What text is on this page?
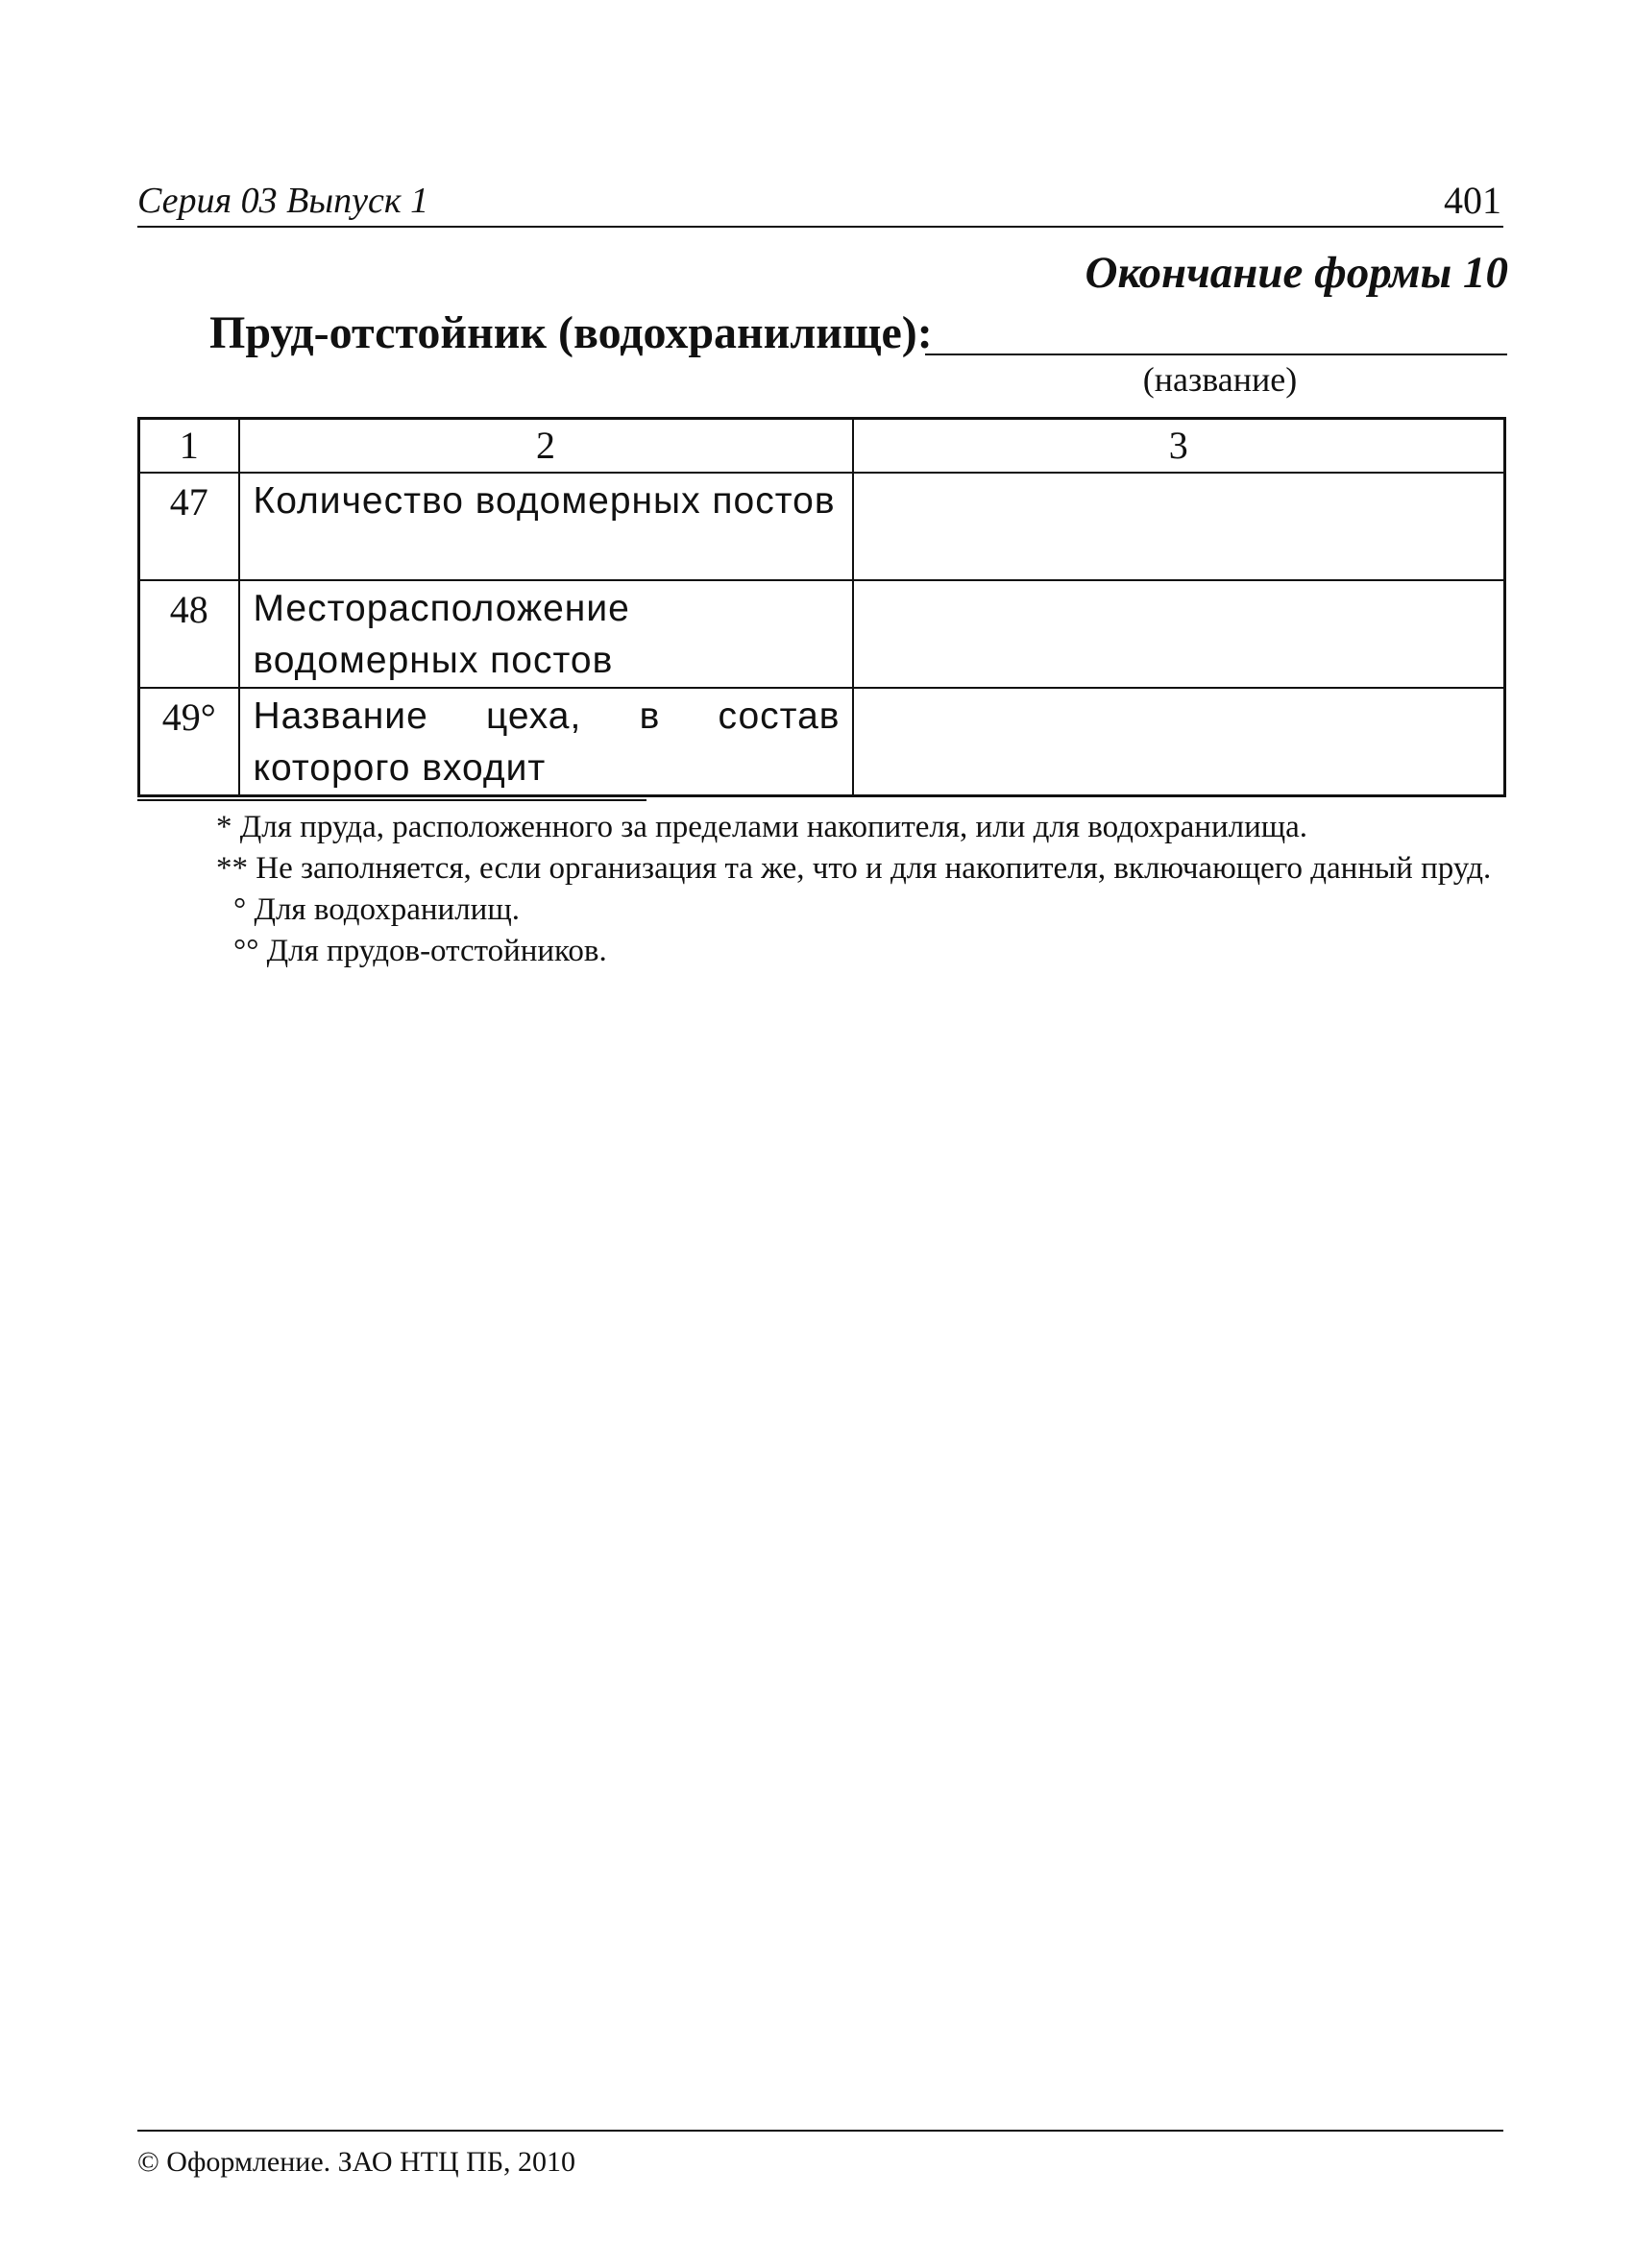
Серия 03 Выпуск 1	401
Окончание формы 10
Пруд-отстойник (водохранилище):
(название)
1	2	3
47	Количество водомерных постов	
48	Месторасположение водомерных постов	
49°	Название цеха, в состав которого входит	

* Для пруда, расположенного за пределами накопителя, или для водохранилища.

** Не заполняется, если организация та же, что и для накопителя, включающего данный пруд.

° Для водохранилищ.

°° Для прудов-отстойников.

© Оформление. ЗАО НТЦ ПБ, 2010
